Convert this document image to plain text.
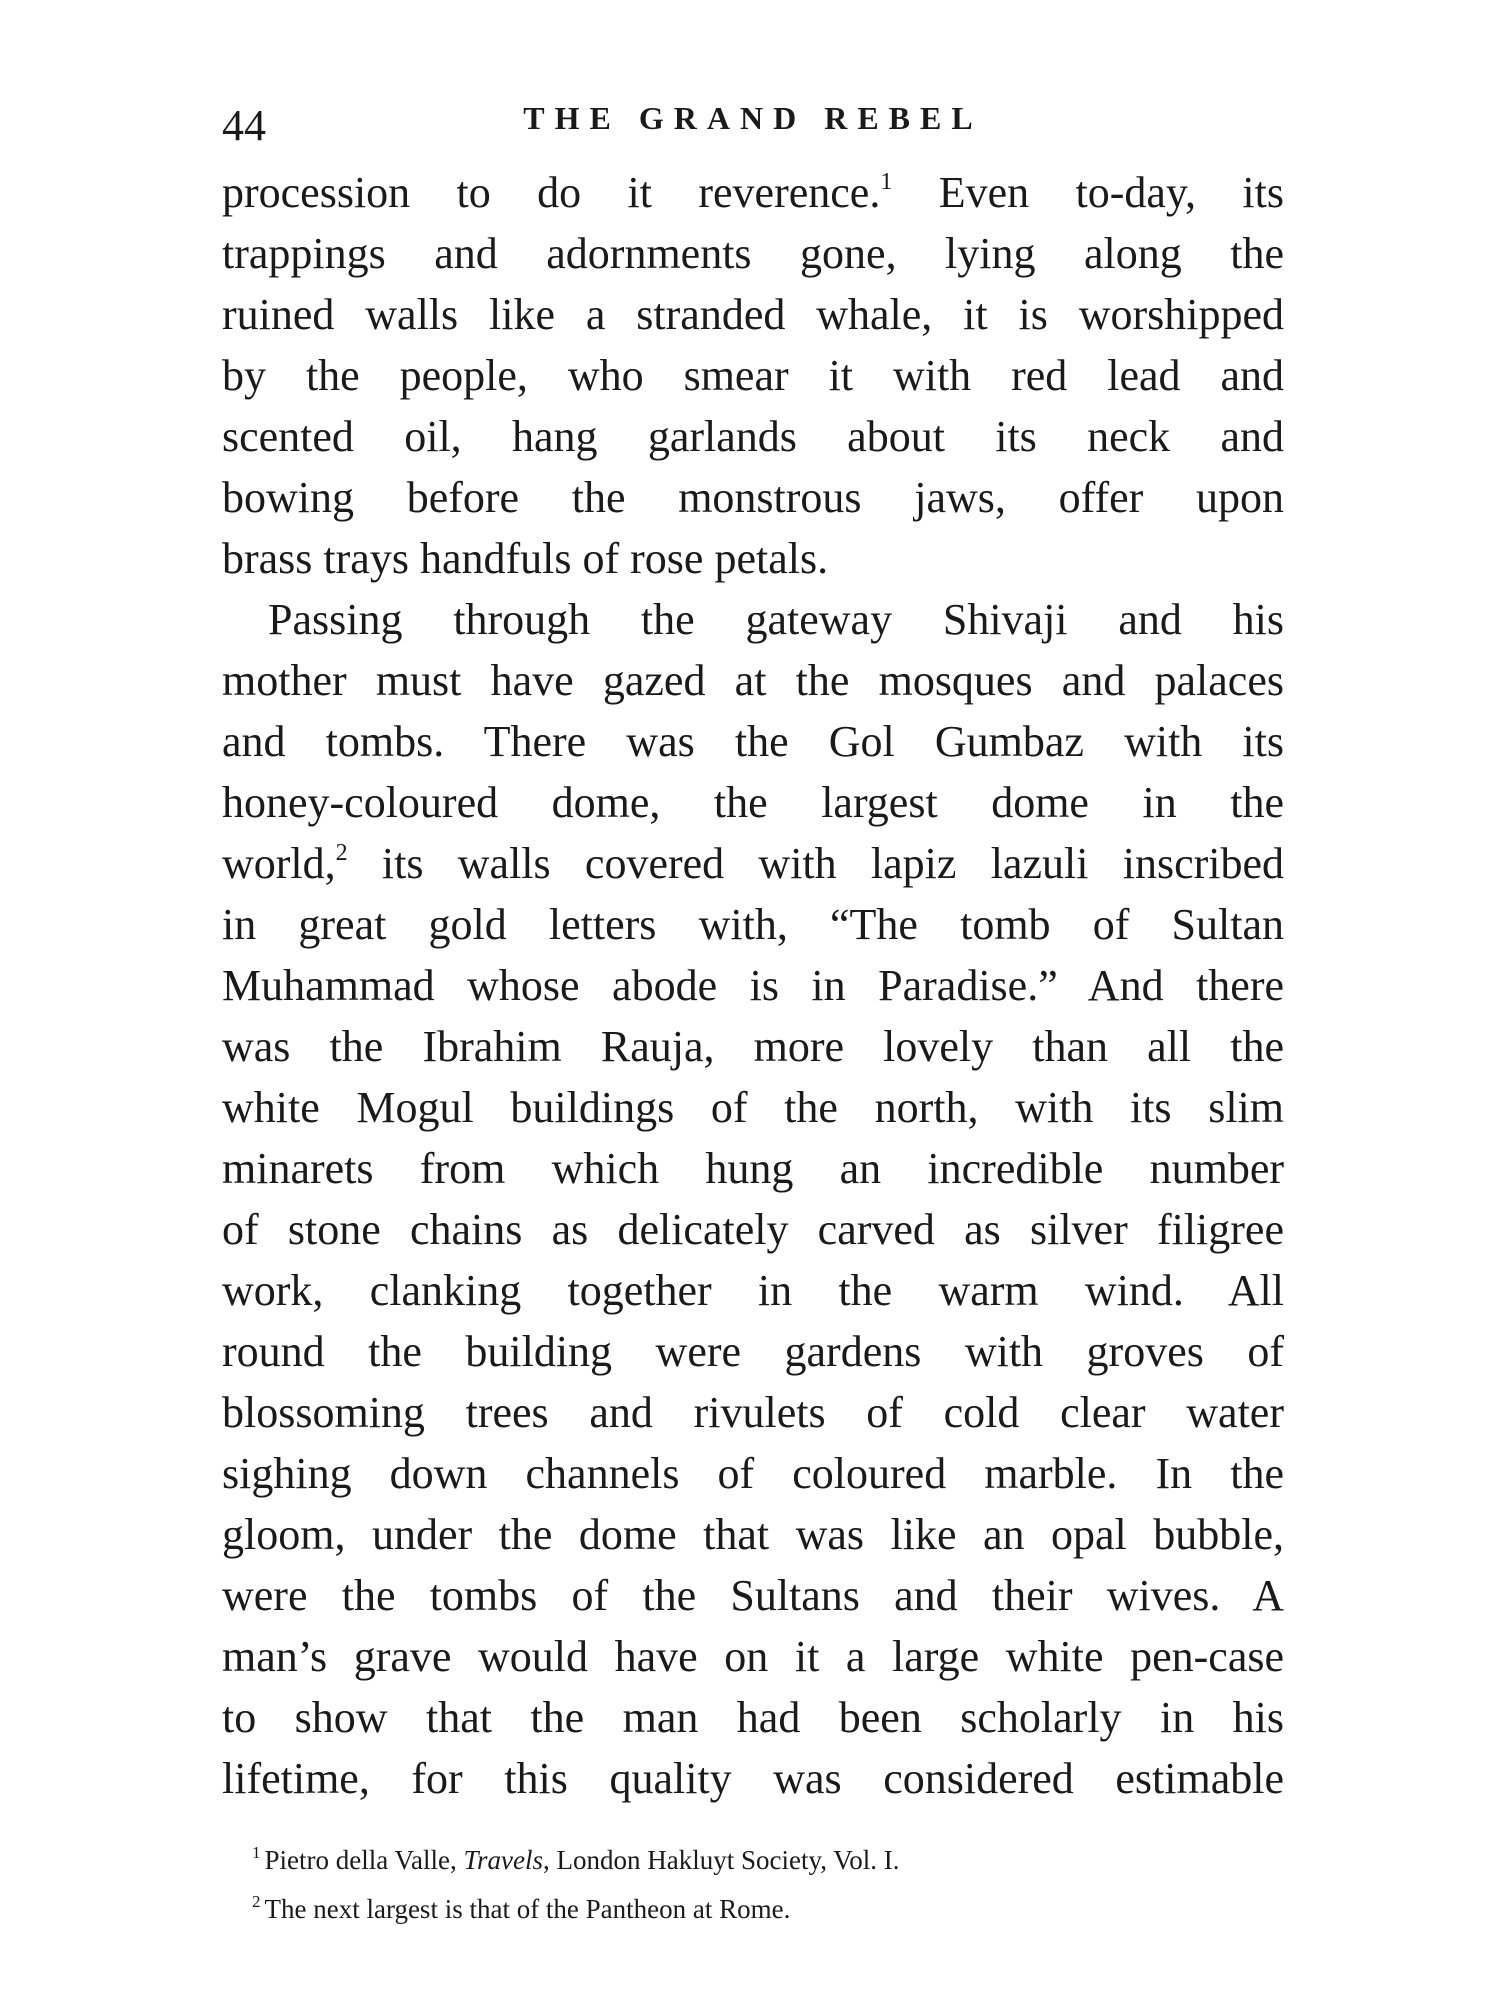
44	THE GRAND REBEL
procession to do it reverence.$^1$ Even to-day, its
trappings and adornments gone, lying along the
ruined walls like a stranded whale, it is worshipped
by the people, who smear it with red lead and
scented oil, hang garlands about its neck and
bowing before the monstrous jaws, offer upon
brass trays handfuls of rose petals.
Passing through the gateway Shivaji and his
mother must have gazed at the mosques and palaces
and tombs. There was the Gol Gumbaz with its
honey-coloured dome, the largest dome in the
world,$^2$ its walls covered with lapiz lazuli inscribed
in great gold letters with, “The tomb of Sultan
Muhammad whose abode is in Paradise.” And there
was the Ibrahim Rauja, more lovely than all the
white Mogul buildings of the north, with its slim
minarets from which hung an incredible number
of stone chains as delicately carved as silver filigree
work, clanking together in the warm wind. All
round the building were gardens with groves of
blossoming trees and rivulets of cold clear water
sighing down channels of coloured marble. In the
gloom, under the dome that was like an opal bubble,
were the tombs of the Sultans and their wives. A
man’s grave would have on it a large white pen-case
to show that the man had been scholarly in his
lifetime, for this quality was considered estimable
$^1$ Pietro della Valle, Travels, London Hakluyt Society, Vol. I.
$^2$ The next largest is that of the Pantheon at Rome.
